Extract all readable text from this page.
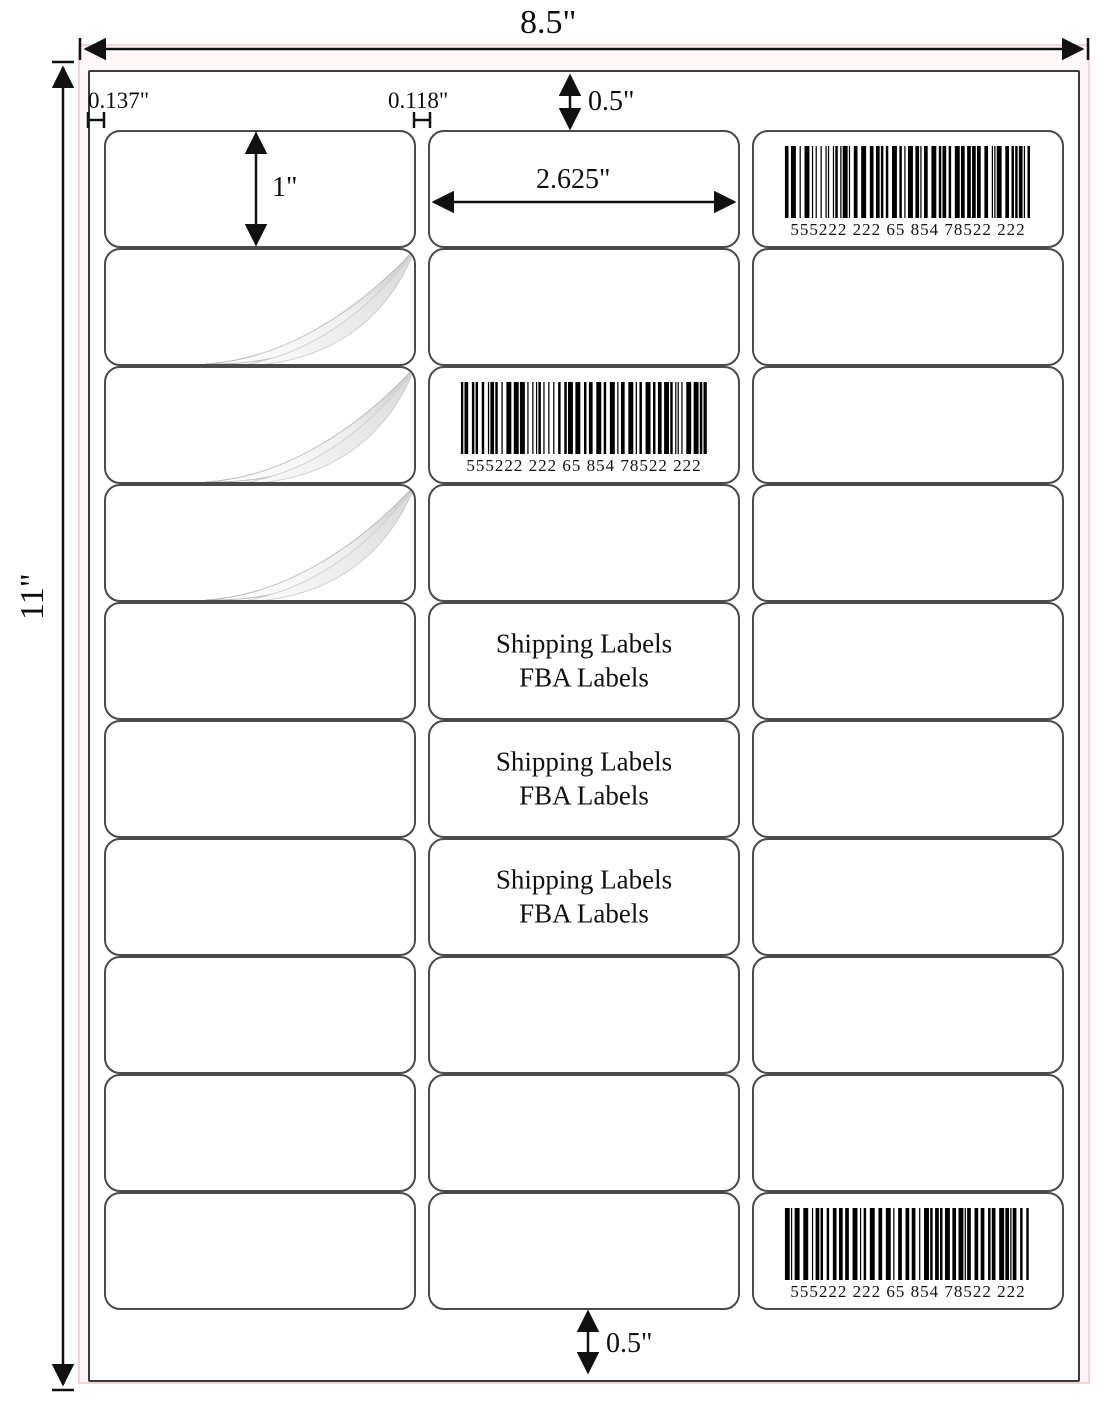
555222 222 65 854 78522 222
555222 222 65 854 78522 222
Shipping Labels
FBA Labels
Shipping Labels
FBA Labels
Shipping Labels
FBA Labels
555222 222 65 854 78522 222
8.5"
11"
0.137"	0.118"	0.5"
0.5"
1"	2.625"
